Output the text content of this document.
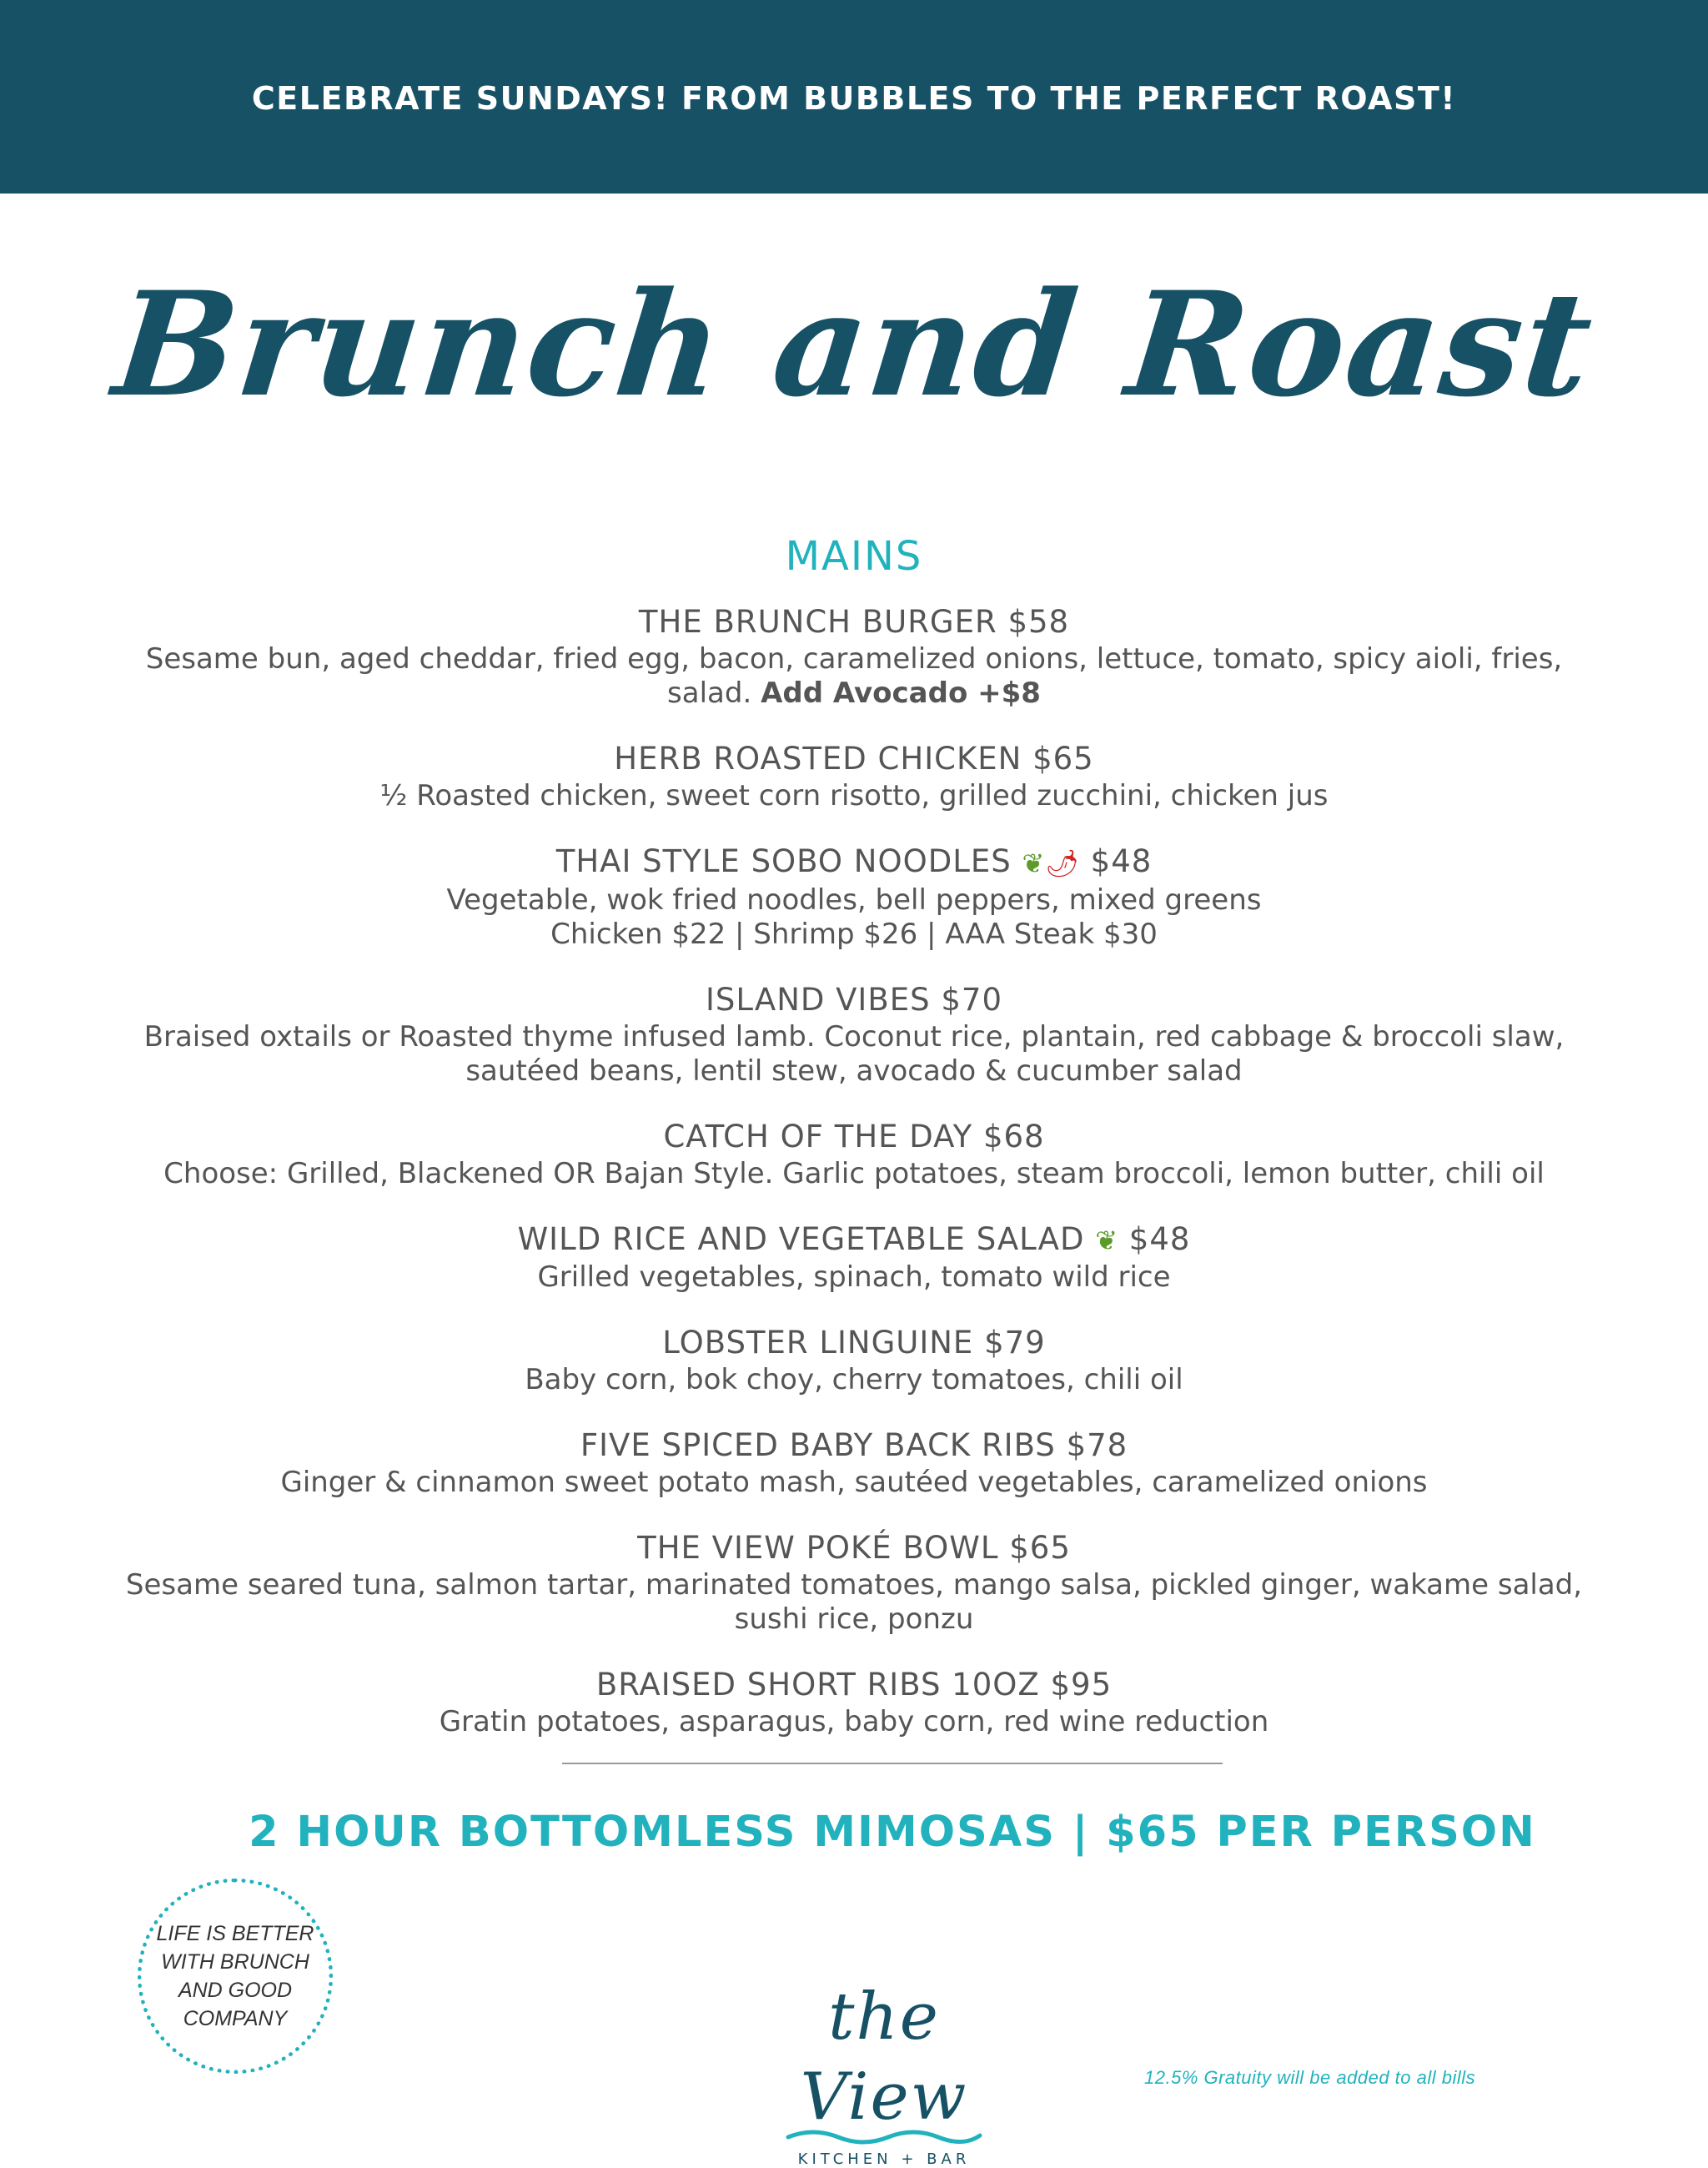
CELEBRATE SUNDAYS! FROM BUBBLES TO THE PERFECT ROAST!
Brunch and Roast
MAINS
THE BRUNCH BURGER $58
Sesame bun, aged cheddar, fried egg, bacon, caramelized onions, lettuce, tomato, spicy aioli, fries, salad. Add Avocado +$8
HERB ROASTED CHICKEN $65
½ Roasted chicken, sweet corn risotto, grilled zucchini, chicken jus
THAI STYLE SOBO NOODLES ❦🌶 $48
Vegetable, wok fried noodles, bell peppers, mixed greens
Chicken $22 | Shrimp $26 | AAA Steak $30
ISLAND VIBES $70
Braised oxtails or Roasted thyme infused lamb. Coconut rice, plantain, red cabbage & broccoli slaw, sautéed beans, lentil stew, avocado & cucumber salad
CATCH OF THE DAY $68
Choose: Grilled, Blackened OR Bajan Style. Garlic potatoes, steam broccoli, lemon butter, chili oil
WILD RICE AND VEGETABLE SALAD ❦ $48
Grilled vegetables, spinach, tomato wild rice
LOBSTER LINGUINE $79
Baby corn, bok choy, cherry tomatoes, chili oil
FIVE SPICED BABY BACK RIBS $78
Ginger & cinnamon sweet potato mash, sautéed vegetables, caramelized onions
THE VIEW POKÉ BOWL $65
Sesame seared tuna, salmon tartar, marinated tomatoes, mango salsa, pickled ginger, wakame salad, sushi rice, ponzu
BRAISED SHORT RIBS 10OZ $95
Gratin potatoes, asparagus, baby corn, red wine reduction
2 HOUR BOTTOMLESS MIMOSAS | $65 PER PERSON
LIFE IS BETTER
WITH BRUNCH
AND GOOD
COMPANY	the View
KITCHEN + BAR
12.5% Gratuity will be added to all bills
